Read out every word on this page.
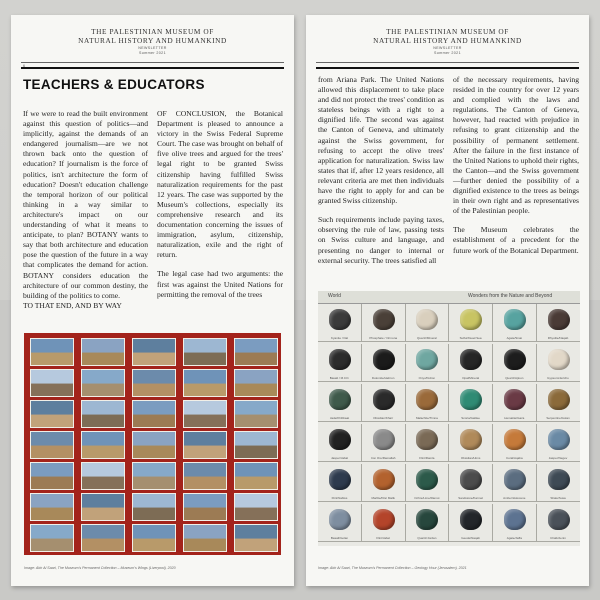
THE PALESTINIAN MUSEUM OF
NATURAL HISTORY AND HUMANKIND
NEWSLETTER
Summer 2021
6
TEACHERS & EDUCATORS

If we were to read the built environment against this question of politics—and implicitly, against the demands of an endangered journalism—are we not thrown back onto the question of education? If journalism is the force of politics, isn't architecture the form of education? Doesn't education challenge the temporal horizon of our political thinking in a way similar to architecture's impact on our understanding of what it means to anticipate, to plan? BOTANY wants to say that both architecture and education pose the question of the future in a way that complicates the demand for action. BOTANY considers education the architecture of our common destiny, the building of the politics to come.

TO THAT END, AND BY WAY

OF CONCLUSION, the Botanical Department is pleased to announce a victory in the Swiss Federal Supreme Court. The case was brought on behalf of five olive trees and argued for the trees' legal right to be granted Swiss citizenship having fulfilled Swiss naturalization requirements for the past 12 years. The case was supported by the Museum's collections, especially its comprehensive research and its documentation concerning the issues of immigration, asylum, citizenship, naturalization, exile and the right of return.

The legal case had two arguments: the first was against the United Nations for permitting the removal of the trees

Image: Abir Al Saari, The Museum's Permanent Collection – Museum's Wings (Liverpool), 2020
THE PALESTINIAN MUSEUM OF
NATURAL HISTORY AND HUMANKIND
NEWSLETTER
Summer 2021

from Ariana Park. The United Nations allowed this displacement to take place and did not protect the trees' condition as stateless beings with a right to a dignified life. The second was against the Canton of Geneva, and ultimately against the Swiss government, for refusing to accept the olive trees' application for naturalization. Swiss law states that if, after 12 years residence, all relevant criteria are met then individuals have the right to apply for and can be granted Swiss citizenship.

Such requirements include paying taxes, observing the rule of law, passing tests on Swiss culture and language, and presenting no danger to internal or external security. The trees satisfied all

of the necessary requirements, having resided in the country for over 12 years and complied with the laws and regulations. The Canton of Geneva, however, had reacted with prejudice in refusing to grant citizenship and the possibility of permanent settlement. After the failure in the first instance of the United Nations to uphold their rights, the Canton—and the Swiss government—further denied the possibility of a dignified existence to the trees as beings in their own right and as representatives of the Palestinian people.

The Museum celebrates the establishment of a precedent for the future work of the Botanical Department.

World	Wonders from the Nature and Beyond
Kyanite / Dal	Phosphate / Ormona	Quartz/Mineral	Sulfur/Dead Sea	Agate/Sinai	Rhyolite/Naqab
Basalt / M.CO.	Dolomite/Hebron	Onyx/Kidron	Opal/Mineral	Quartz/Ajloun	Gypsum/Jericho
Jade/Khibbaat	Obsidian/Kharr	Malachite/Timna	Scoria/Galilee	Hematite/Gaza	Serpentine/Golan
Jasper/Jabal	Iron Ore/Ramallah	Flint/Ramla	Obsidian/Hims	Coral/Aqaba	Jasper/Negev
Flint/Nablus	Marble/Kfar Malik	Ochre/Lime/Ramot	Sandstone/Karmel	Amber/Holocene	Shale/Susa
Basalt/Golan	Flint/Jabel	Quartz/Jordan	Geode/Naqab	Agate/Jaffa	Chalk/Jenin
Image: Abir Al Saari, The Museum's Permanent Collection – Geology Hour (Jerusalem), 2021
